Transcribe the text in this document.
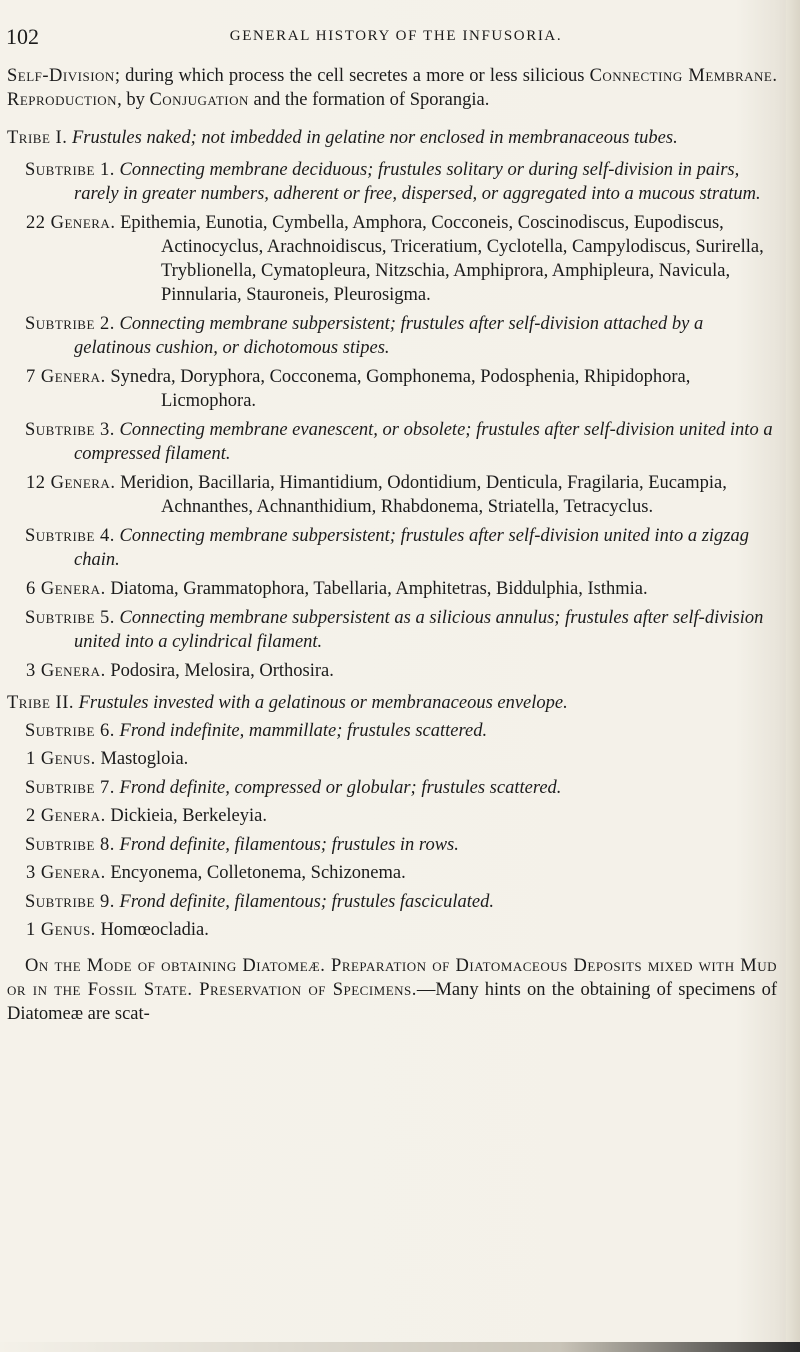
102	GENERAL HISTORY OF THE INFUSORIA.

Self-Division; during which process the cell secretes a more or less silicious Connecting Membrane. Reproduction, by Conjugation and the formation of Sporangia.

Tribe I. Frustules naked; not imbedded in gelatine nor enclosed in membranaceous tubes.

Subtribe 1. Connecting membrane deciduous; frustules solitary or during self-division in pairs, rarely in greater numbers, adherent or free, dispersed, or aggregated into a mucous stratum.

22 Genera. Epithemia, Eunotia, Cymbella, Amphora, Cocconeis, Coscinodiscus, Eupodiscus, Actinocyclus, Arachnoidiscus, Triceratium, Cyclotella, Campylodiscus, Surirella, Tryblionella, Cymatopleura, Nitzschia, Amphiprora, Amphipleura, Navicula, Pinnularia, Stauroneis, Pleurosigma.

Subtribe 2. Connecting membrane subpersistent; frustules after self-division attached by a gelatinous cushion, or dichotomous stipes.

7 Genera. Synedra, Doryphora, Cocconema, Gomphonema, Podosphenia, Rhipidophora, Licmophora.

Subtribe 3. Connecting membrane evanescent, or obsolete; frustules after self-division united into a compressed filament.

12 Genera. Meridion, Bacillaria, Himantidium, Odontidium, Denticula, Fragilaria, Eucampia, Achnanthes, Achnanthidium, Rhabdonema, Striatella, Tetracyclus.

Subtribe 4. Connecting membrane subpersistent; frustules after self-division united into a zigzag chain.

6 Genera. Diatoma, Grammatophora, Tabellaria, Amphitetras, Biddulphia, Isthmia.

Subtribe 5. Connecting membrane subpersistent as a silicious annulus; frustules after self-division united into a cylindrical filament.

3 Genera. Podosira, Melosira, Orthosira.

Tribe II. Frustules invested with a gelatinous or membranaceous envelope.

Subtribe 6. Frond indefinite, mammillate; frustules scattered.

1 Genus. Mastogloia.

Subtribe 7. Frond definite, compressed or globular; frustules scattered.

2 Genera. Dickieia, Berkeleyia.

Subtribe 8. Frond definite, filamentous; frustules in rows.

3 Genera. Encyonema, Colletonema, Schizonema.

Subtribe 9. Frond definite, filamentous; frustules fasciculated.

1 Genus. Homœocladia.

On the Mode of obtaining Diatomeæ. Preparation of Diatomaceous Deposits mixed with Mud or in the Fossil State. Preservation of Specimens.—Many hints on the obtaining of specimens of Diatomeæ are scat-
